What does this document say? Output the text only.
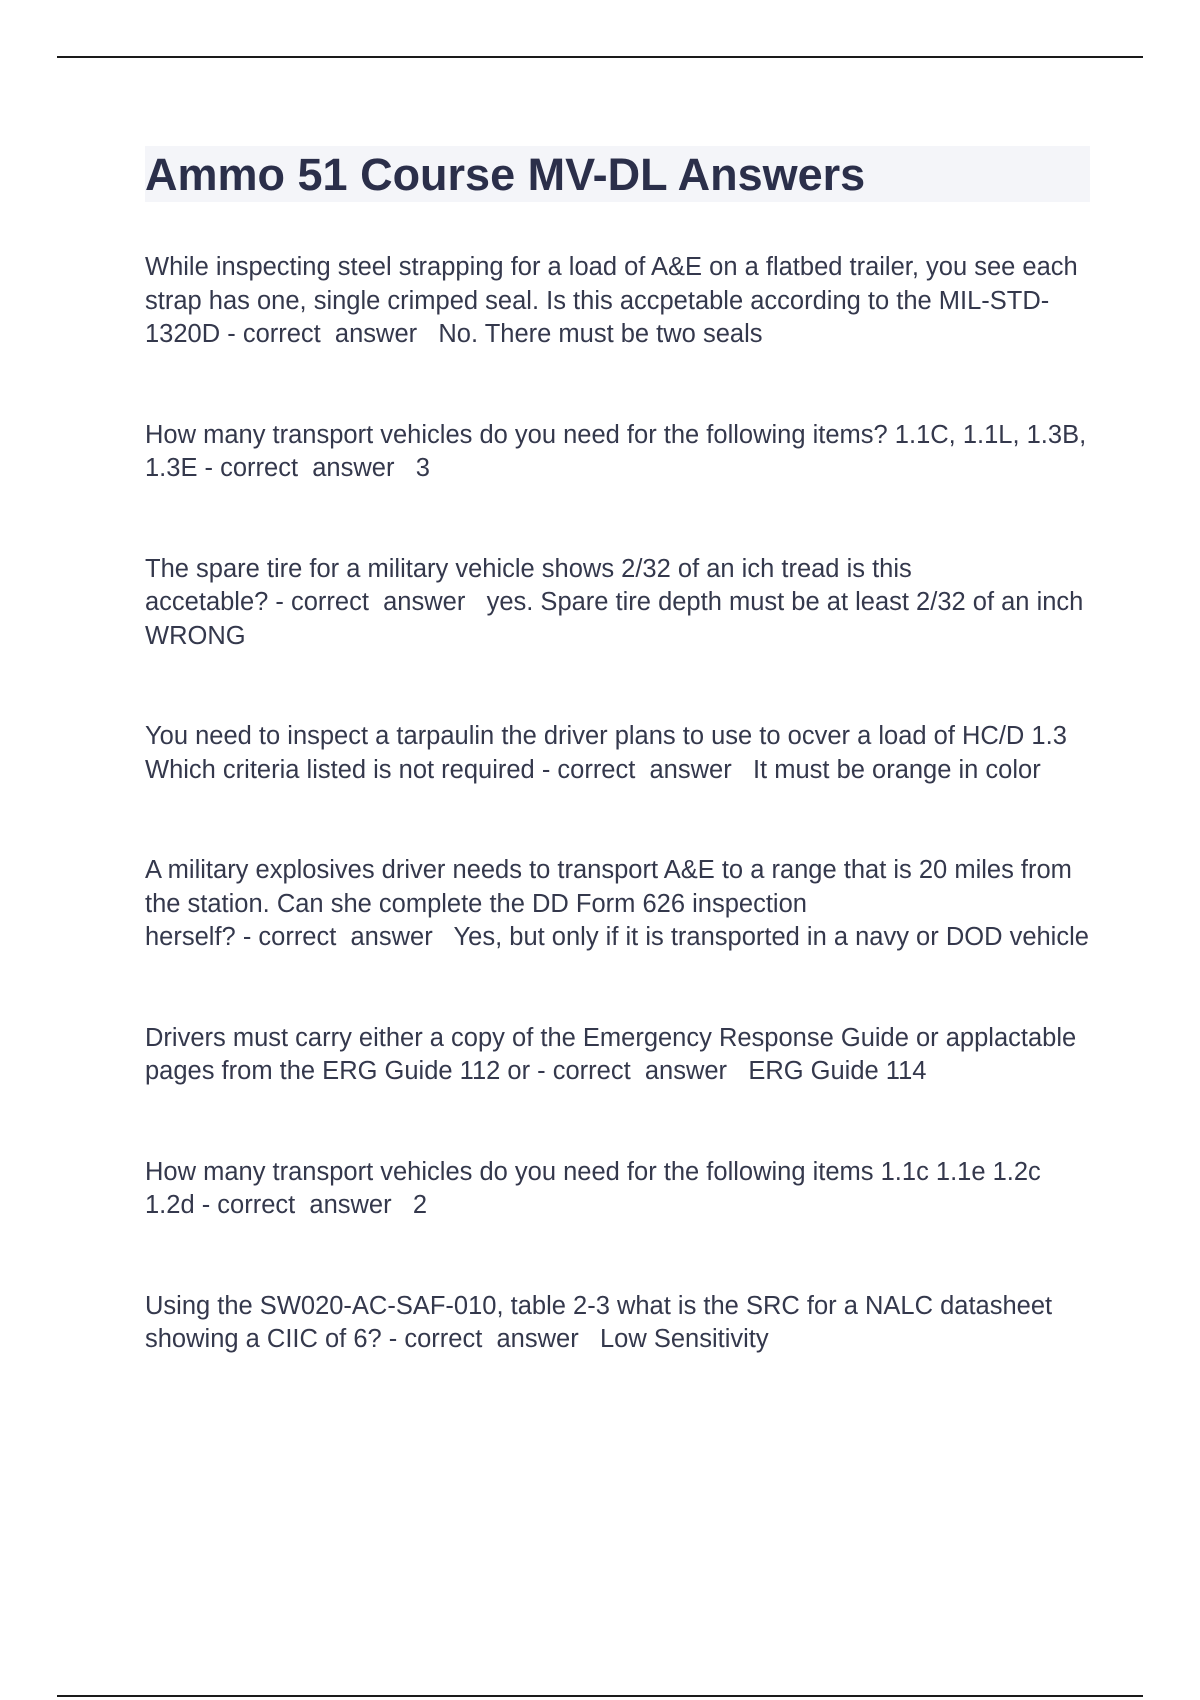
Ammo 51 Course MV-DL Answers

While inspecting steel strapping for a load of A&E on a flatbed trailer, you see each strap has one, single crimped seal. Is this accpetable according to the MIL-STD-1320D - correct  answer   No. There must be two seals

How many transport vehicles do you need for the following items? 1.1C, 1.1L, 1.3B, 1.3E - correct  answer   3

The spare tire for a military vehicle shows 2/32 of an ich tread is this accetable? - correct  answer   yes. Spare tire depth must be at least 2/32 of an inch WRONG

You need to inspect a tarpaulin the driver plans to use to ocver a load of HC/D 1.3 Which criteria listed is not required - correct  answer   It must be orange in color

A military explosives driver needs to transport A&E to a range that is 20 miles from the station. Can she complete the DD Form 626 inspection herself? - correct  answer   Yes, but only if it is transported in a navy or DOD vehicle

Drivers must carry either a copy of the Emergency Response Guide or applactable pages from the ERG Guide 112 or - correct  answer   ERG Guide 114

How many transport vehicles do you need for the following items 1.1c 1.1e 1.2c 1.2d - correct  answer   2

Using the SW020-AC-SAF-010, table 2-3 what is the SRC for a NALC datasheet showing a CIIC of 6? - correct  answer   Low Sensitivity
